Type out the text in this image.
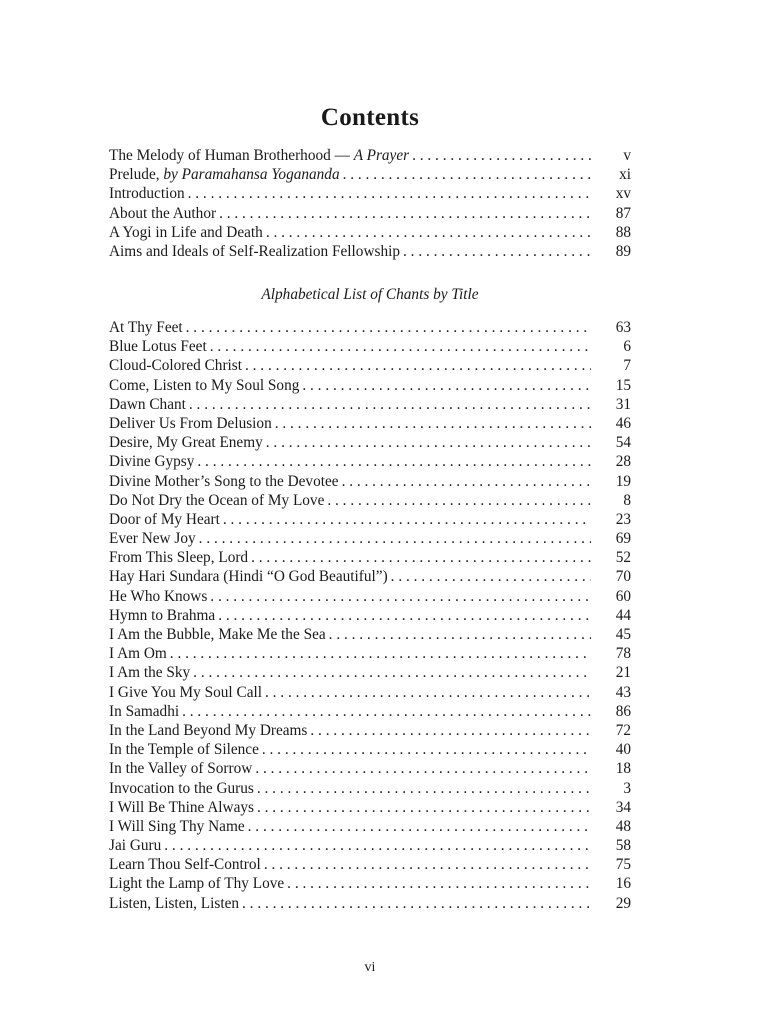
Contents
The Melody of Human Brotherhood — A Prayer . . .	v
Prelude, by Paramahansa Yogananda . . .	xi
Introduction . . .	xv
About the Author . . .	87
A Yogi in Life and Death . . .	88
Aims and Ideals of Self-Realization Fellowship . . .	89
Alphabetical List of Chants by Title
At Thy Feet . . .	63
Blue Lotus Feet . . .	6
Cloud-Colored Christ . . .	7
Come, Listen to My Soul Song . . .	15
Dawn Chant . . .	31
Deliver Us From Delusion . . .	46
Desire, My Great Enemy . . .	54
Divine Gypsy . . .	28
Divine Mother’s Song to the Devotee . . .	19
Do Not Dry the Ocean of My Love . . .	8
Door of My Heart . . .	23
Ever New Joy . . .	69
From This Sleep, Lord . . .	52
Hay Hari Sundara (Hindi “O God Beautiful”) . . .	70
He Who Knows . . .	60
Hymn to Brahma . . .	44
I Am the Bubble, Make Me the Sea . . .	45
I Am Om . . .	78
I Am the Sky . . .	21
I Give You My Soul Call . . .	43
In Samadhi . . .	86
In the Land Beyond My Dreams . . .	72
In the Temple of Silence . . .	40
In the Valley of Sorrow . . .	18
Invocation to the Gurus . . .	3
I Will Be Thine Always . . .	34
I Will Sing Thy Name . . .	48
Jai Guru . . .	58
Learn Thou Self-Control . . .	75
Light the Lamp of Thy Love . . .	16
Listen, Listen, Listen . . .	29
vi
